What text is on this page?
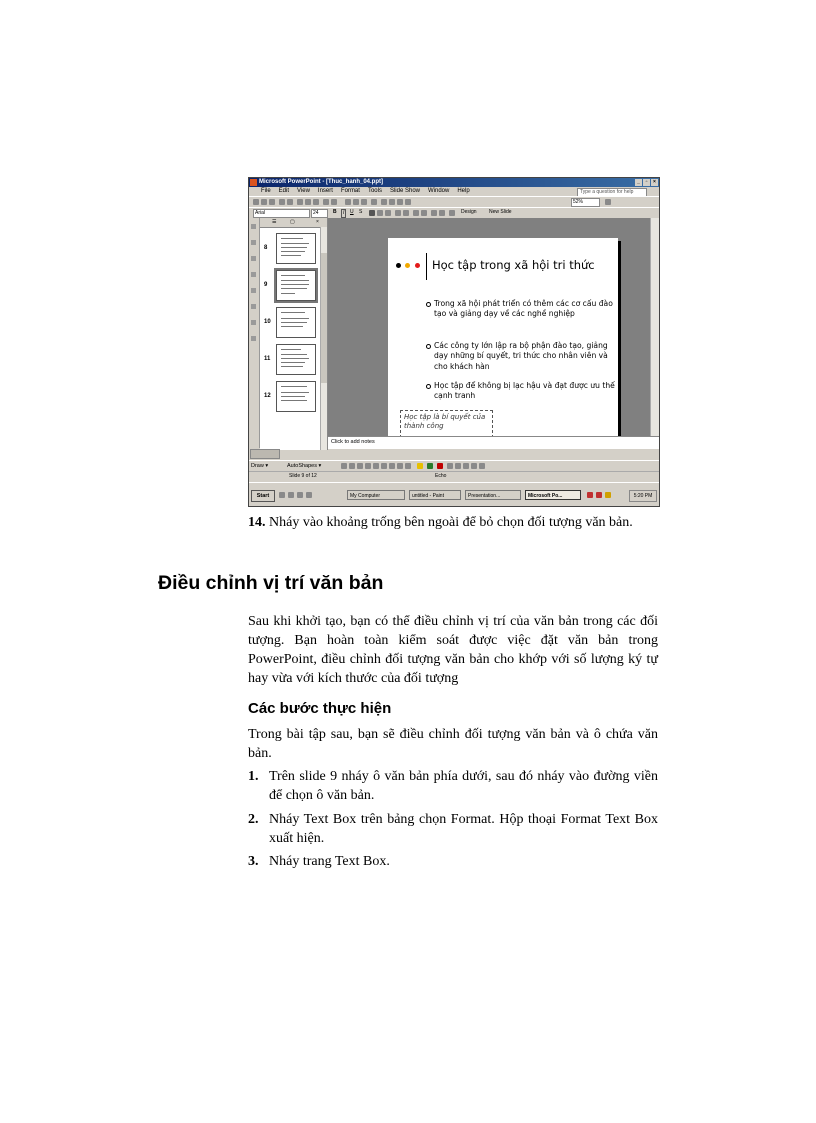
Microsoft PowerPoint - [Thuc_hanh_04.ppt]	_	▫	×
File Edit View Insert Format Tools Slide Show Window Help	Type a question for help
52%
Arial	24	B	I	U S	Design New Slide
☰	▢	×
8
9
10
11
12
Học tập trong xã hội tri thức
Trong xã hội phát triển có thêm các cơ cấu đào tạo và giảng dạy về các nghề nghiệp
Các công ty lớn lập ra bộ phận đào tạo, giảng dạy những bí quyết, tri thức cho nhân viên và cho khách hàn
Học tập để không bị lạc hậu và đạt được ưu thế cạnh tranh
Học tập là bí quyết của thành công
Click to add notes
Draw ▾	AutoShapes ▾
Slide 9 of 12	Echo
Start	My Computer	untitled - Paint	Presentation...	Microsoft Po...	5:20 PM
14. Nháy vào khoảng trống bên ngoài để bỏ chọn đối tượng văn bản.
Điều chỉnh vị trí văn bản
Sau khi khởi tạo, bạn có thể điều chỉnh vị trí của văn bản trong các đối tượng. Bạn hoàn toàn kiểm soát được việc đặt văn bản trong PowerPoint, điều chỉnh đối tượng văn bản cho khớp với số lượng ký tự hay vừa với kích thước của đối tượng
Các bước thực hiện
Trong bài tập sau, bạn sẽ điều chỉnh đối tượng văn bản và ô chứa văn bản.
1. Trên slide 9 nháy ô văn bản phía dưới, sau đó nháy vào đường viền để chọn ô văn bản.
2. Nháy Text Box trên bảng chọn Format. Hộp thoại Format Text Box xuất hiện.
3. Nháy trang Text Box.
